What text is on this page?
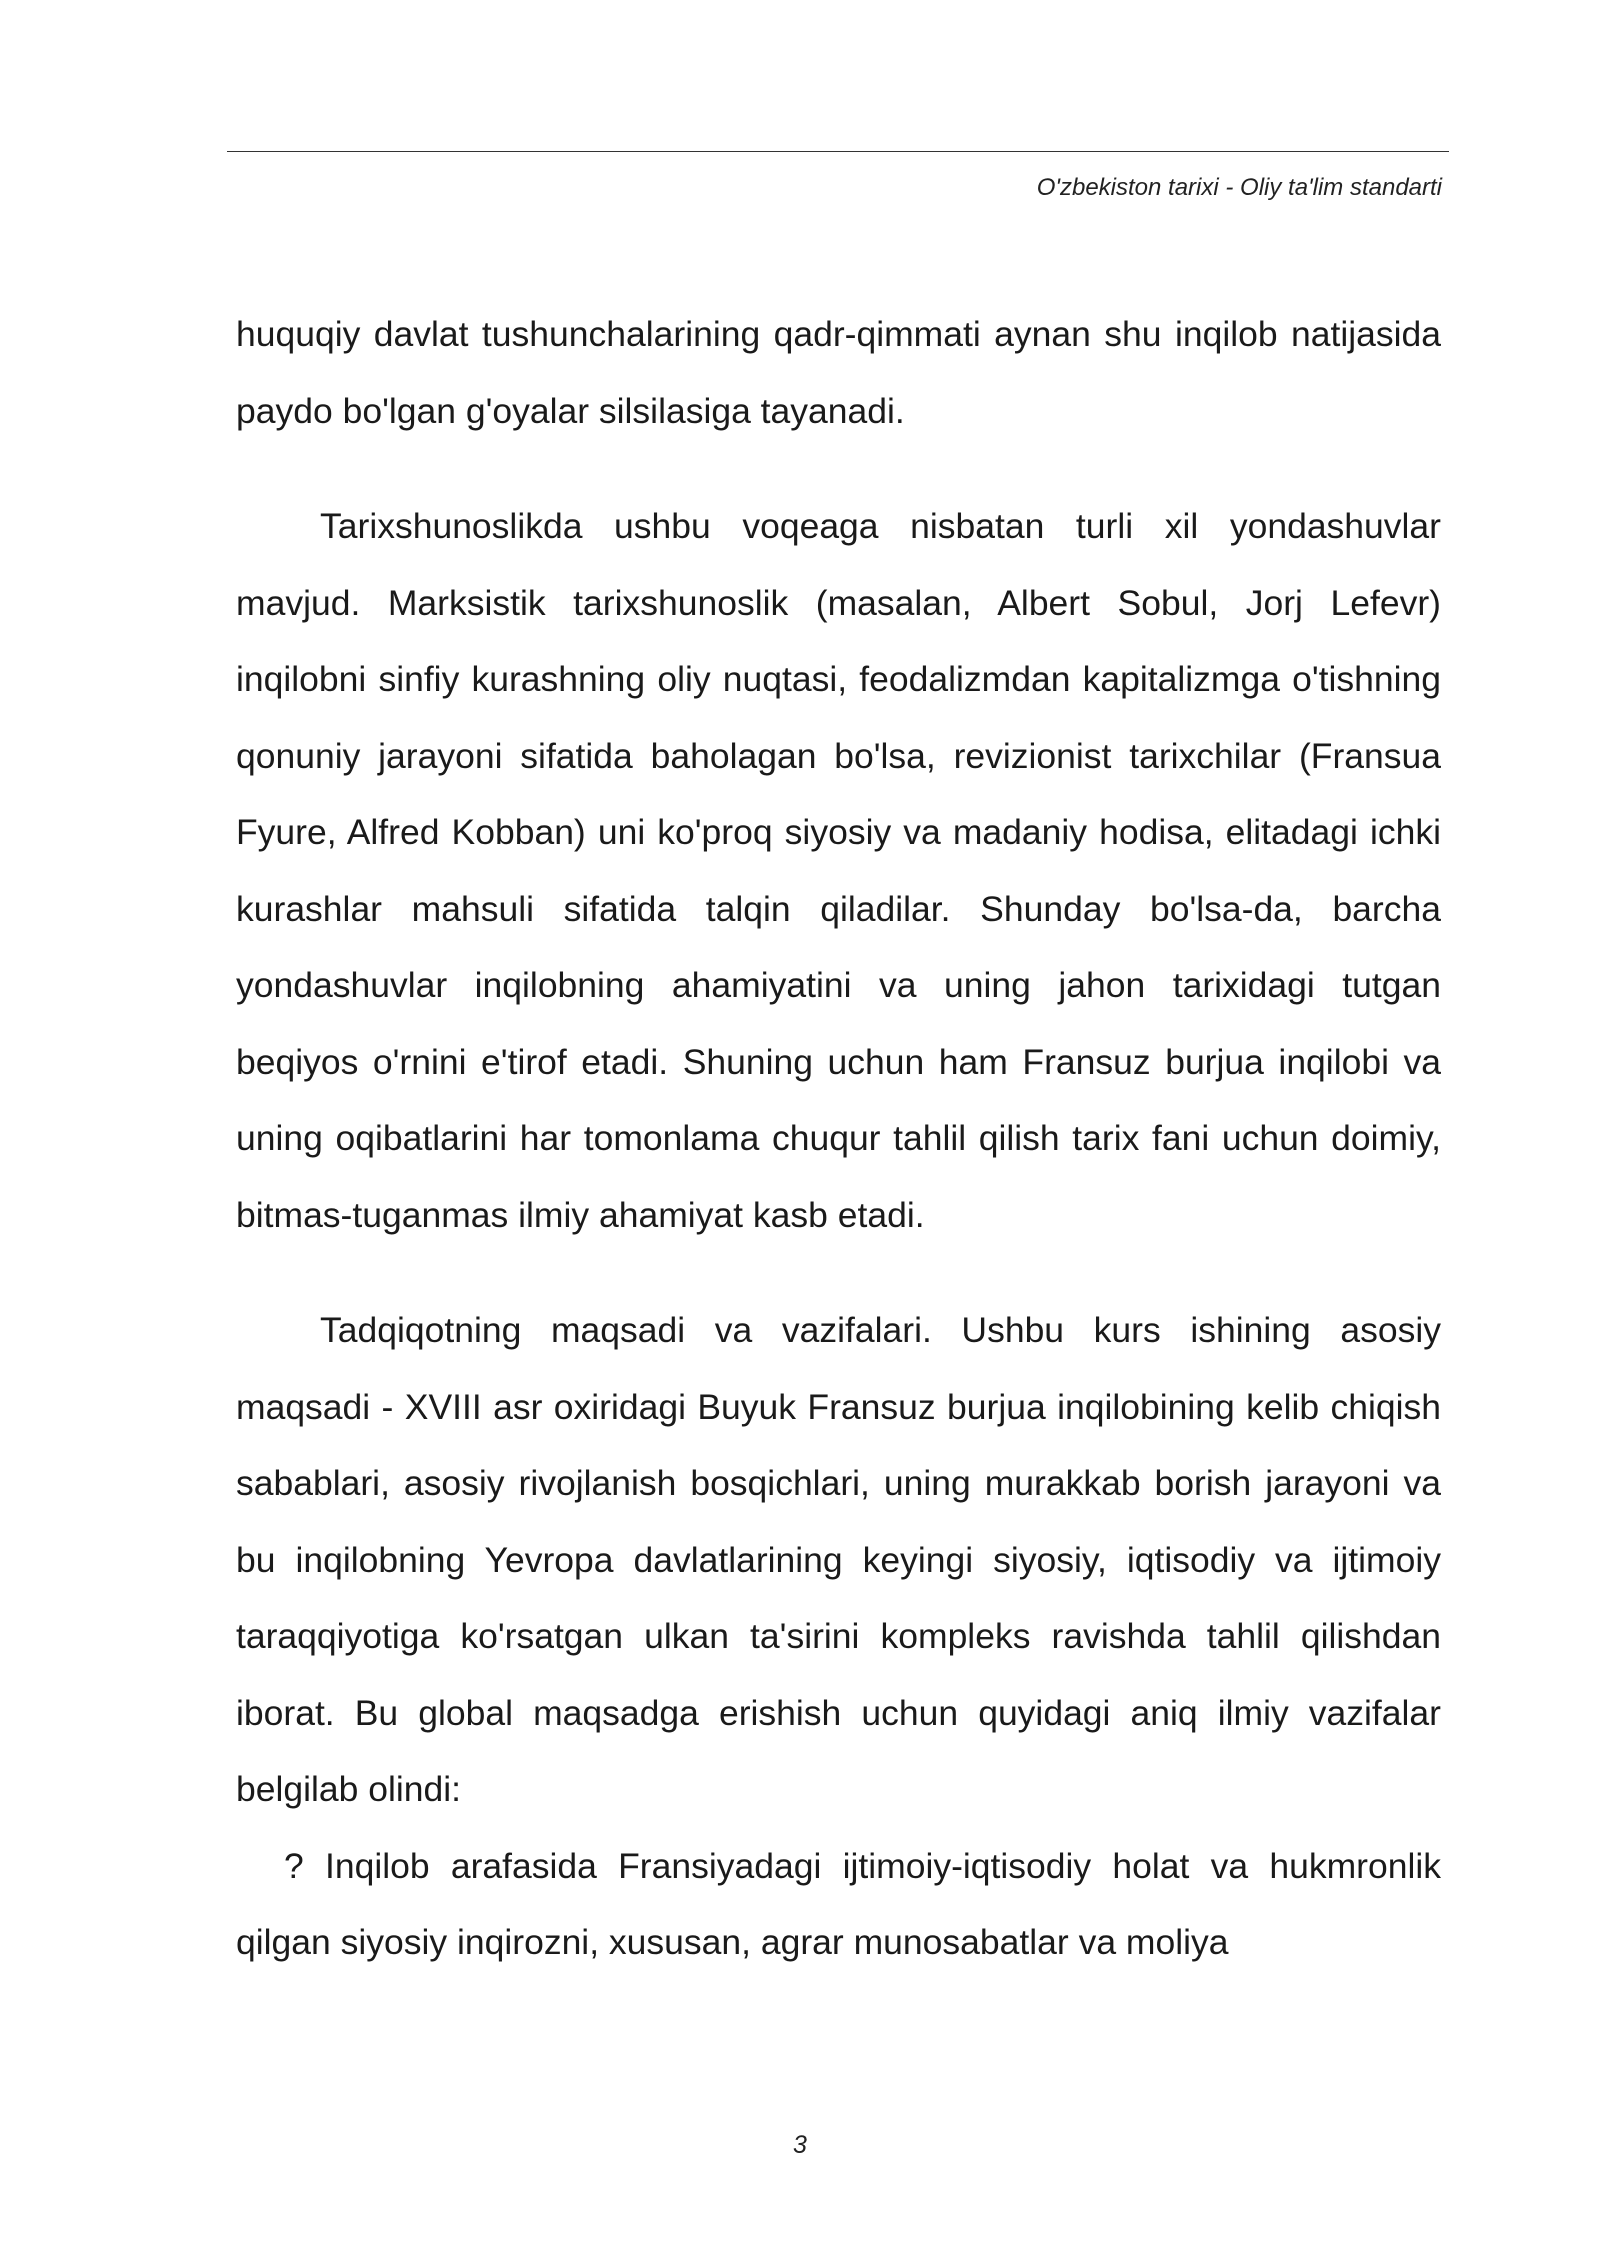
O'zbekiston tarixi - Oliy ta'lim standarti

huquqiy davlat tushunchalarining qadr-qimmati aynan shu inqilob natijasida paydo bo'lgan g'oyalar silsilasiga tayanadi.

Tarixshunoslikda ushbu voqeaga nisbatan turli xil yondashuvlar mavjud. Marksistik tarixshunoslik (masalan, Albert Sobul, Jorj Lefevr) inqilobni sinfiy kurashning oliy nuqtasi, feodalizmdan kapitalizmga o'tishning qonuniy jarayoni sifatida baholagan bo'lsa, revizionist tarixchilar (Fransua Fyure, Alfred Kobban) uni ko'proq siyosiy va madaniy hodisa, elitadagi ichki kurashlar mahsuli sifatida talqin qiladilar. Shunday bo'lsa-da, barcha yondashuvlar inqilobning ahamiyatini va uning jahon tarixidagi tutgan beqiyos o'rnini e'tirof etadi. Shuning uchun ham Fransuz burjua inqilobi va uning oqibatlarini har tomonlama chuqur tahlil qilish tarix fani uchun doimiy, bitmas-tuganmas ilmiy ahamiyat kasb etadi.

Tadqiqotning maqsadi va vazifalari. Ushbu kurs ishining asosiy maqsadi - XVIII asr oxiridagi Buyuk Fransuz burjua inqilobining kelib chiqish sabablari, asosiy rivojlanish bosqichlari, uning murakkab borish jarayoni va bu inqilobning Yevropa davlatlarining keyingi siyosiy, iqtisodiy va ijtimoiy taraqqiyotiga ko'rsatgan ulkan ta'sirini kompleks ravishda tahlil qilishdan iborat. Bu global maqsadga erishish uchun quyidagi aniq ilmiy vazifalar belgilab olindi:

? Inqilob arafasida Fransiyadagi ijtimoiy-iqtisodiy holat va hukmronlik qilgan siyosiy inqirozni, xususan, agrar munosabatlar va moliya

3
